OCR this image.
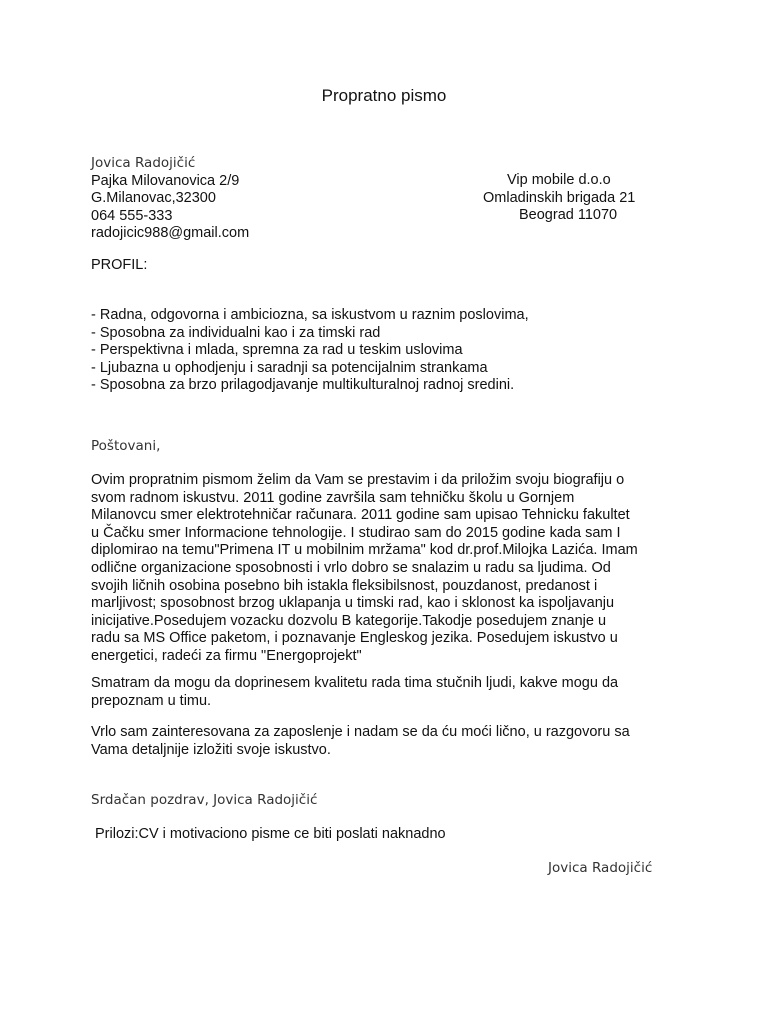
Propratno pismo
Jovica Radojičić
Pajka Milovanovica 2/9
G.Milanovac,32300
064 555-333
radojicic988@gmail.com
Vip mobile d.o.o
Omladinskih brigada 21
Beograd 11070
PROFIL:
- Radna, odgovorna i ambiciozna, sa iskustvom u raznim poslovima,
- Sposobna za individualni kao i za timski rad
- Perspektivna i mlada, spremna za rad u teskim uslovima
- Ljubazna u ophodjenju i saradnji sa potencijalnim strankama
- Sposobna za brzo prilagodjavanje multikulturalnoj radnoj sredini.
Poštovani,
Ovim propratnim pismom želim da Vam se prestavim i da priložim svoju biografiju o
svom radnom iskustvu. 2011 godine završila sam tehničku školu u Gornjem
Milanovcu smer elektrotehničar računara. 2011 godine sam upisao Tehnicku fakultet
u Čačku smer Informacione tehnologije. I studirao sam do 2015 godine kada sam I
diplomirao na temu"Primena IT u mobilnim mržama" kod dr.prof.Milojka Lazića. Imam
odlične organizacione sposobnosti i vrlo dobro se snalazim u radu sa ljudima. Od
svojih ličnih osobina posebno bih istakla fleksibilsnost, pouzdanost, predanost i
marljivost; sposobnost brzog uklapanja u timski rad, kao i sklonost ka ispoljavanju
inicijative.Posedujem vozacku dozvolu B kategorije.Takodje posedujem znanje u
radu sa MS Office paketom, i poznavanje Engleskog jezika. Posedujem iskustvo u
energetici, radeći za firmu "Energoprojekt"
Smatram da mogu da doprinesem kvalitetu rada tima stučnih ljudi, kakve mogu da
prepoznam u timu.
Vrlo sam zainteresovana za zaposlenje i nadam se da ću moći lično, u razgovoru sa
Vama detaljnije izložiti svoje iskustvo.
Srdačan pozdrav, Jovica Radojičić
Prilozi:CV i motivaciono pisme ce biti poslati naknadno
Jovica Radojičić
